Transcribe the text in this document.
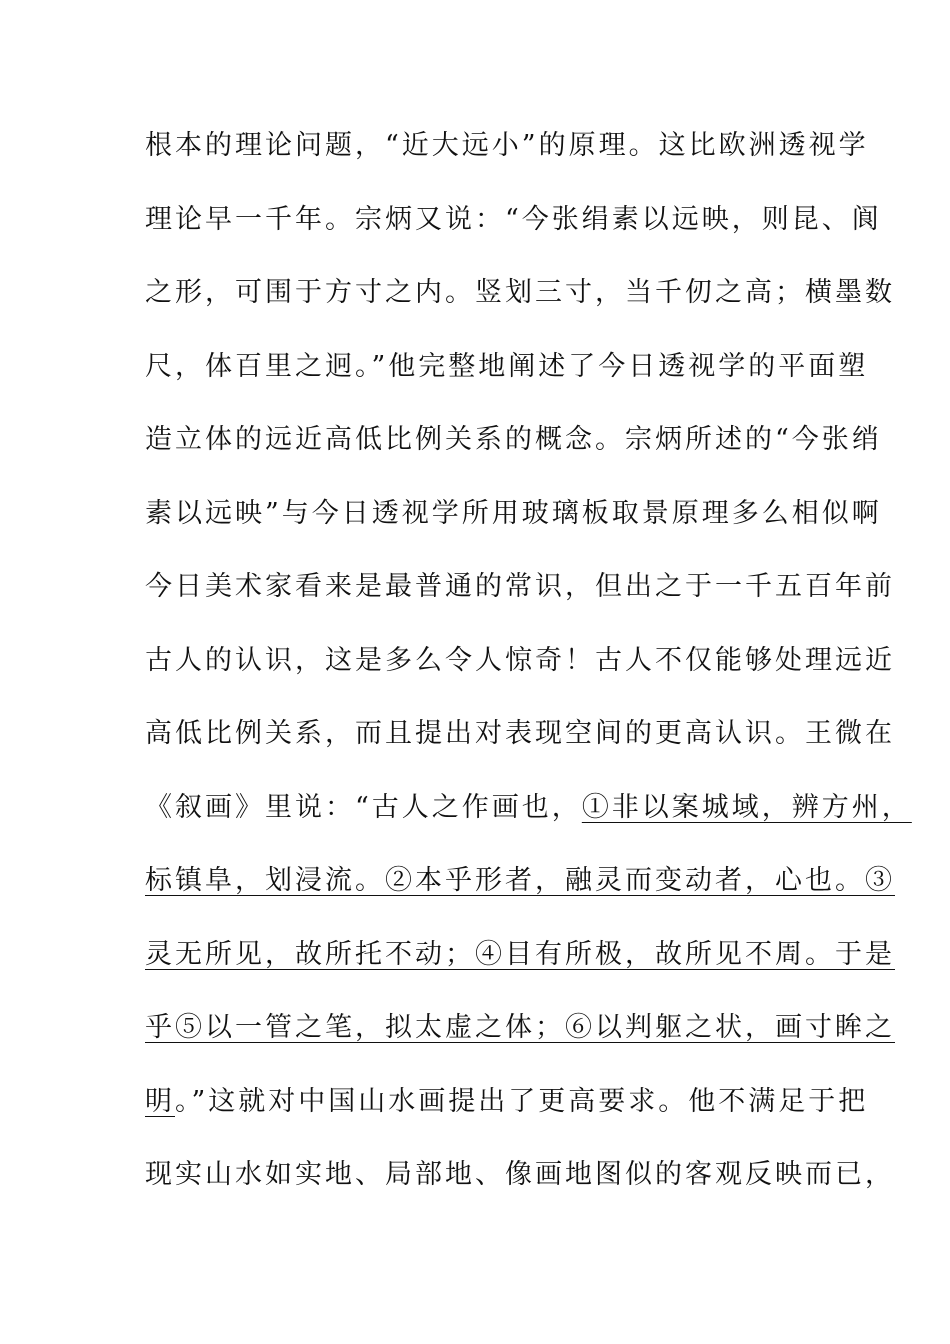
根本的理论问题，“近大远小”的原理。这比欧洲透视学
理论早一千年。宗炳又说：“今张绢素以远映，则昆、阆
之形，可围于方寸之内。竖划三寸，当千仞之高；横墨数
尺，体百里之迥。”他完整地阐述了今日透视学的平面塑
造立体的远近高低比例关系的概念。宗炳所述的“今张绡
素以远映”与今日透视学所用玻璃板取景原理多么相似啊
今日美术家看来是最普通的常识，但出之于一千五百年前
古人的认识，这是多么令人惊奇！古人不仅能够处理远近
高低比例关系，而且提出对表现空间的更高认识。王微在
《叙画》里说：“古人之作画也，①非以案城域，辨方州，
标镇阜，划浸流。②本乎形者，融灵而变动者，心也。③
灵无所见，故所托不动；④目有所极，故所见不周。于是
乎⑤以一管之笔，拟太虚之体；⑥以判躯之状，画寸眸之
明。”这就对中国山水画提出了更高要求。他不满足于把
现实山水如实地、局部地、像画地图似的客观反映而已，
